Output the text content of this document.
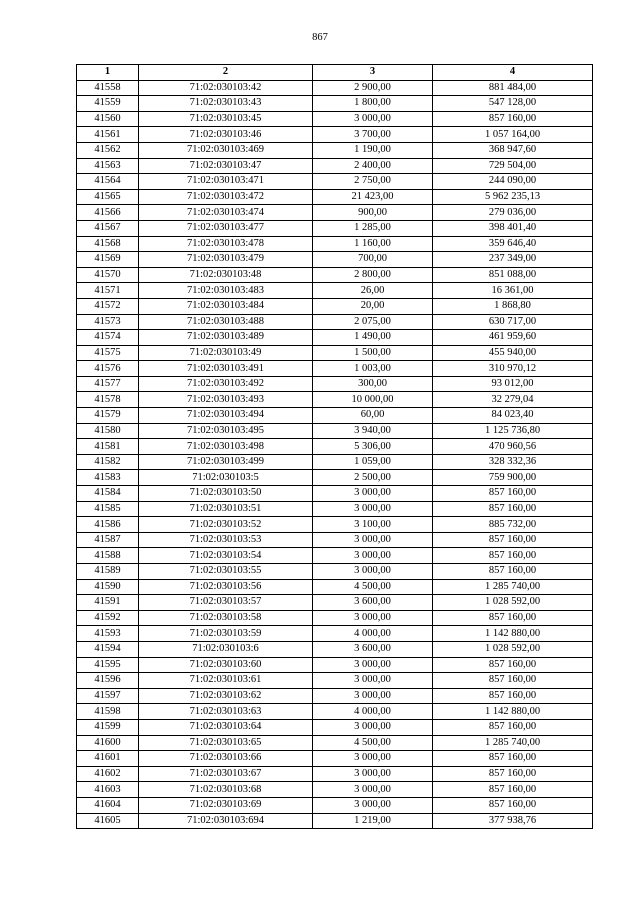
867
1	2	3	4
41558	71:02:030103:42	2 900,00	881 484,00
41559	71:02:030103:43	1 800,00	547 128,00
41560	71:02:030103:45	3 000,00	857 160,00
41561	71:02:030103:46	3 700,00	1 057 164,00
41562	71:02:030103:469	1 190,00	368 947,60
41563	71:02:030103:47	2 400,00	729 504,00
41564	71:02:030103:471	2 750,00	244 090,00
41565	71:02:030103:472	21 423,00	5 962 235,13
41566	71:02:030103:474	900,00	279 036,00
41567	71:02:030103:477	1 285,00	398 401,40
41568	71:02:030103:478	1 160,00	359 646,40
41569	71:02:030103:479	700,00	237 349,00
41570	71:02:030103:48	2 800,00	851 088,00
41571	71:02:030103:483	26,00	16 361,00
41572	71:02:030103:484	20,00	1 868,80
41573	71:02:030103:488	2 075,00	630 717,00
41574	71:02:030103:489	1 490,00	461 959,60
41575	71:02:030103:49	1 500,00	455 940,00
41576	71:02:030103:491	1 003,00	310 970,12
41577	71:02:030103:492	300,00	93 012,00
41578	71:02:030103:493	10 000,00	32 279,04
41579	71:02:030103:494	60,00	84 023,40
41580	71:02:030103:495	3 940,00	1 125 736,80
41581	71:02:030103:498	5 306,00	470 960,56
41582	71:02:030103:499	1 059,00	328 332,36
41583	71:02:030103:5	2 500,00	759 900,00
41584	71:02:030103:50	3 000,00	857 160,00
41585	71:02:030103:51	3 000,00	857 160,00
41586	71:02:030103:52	3 100,00	885 732,00
41587	71:02:030103:53	3 000,00	857 160,00
41588	71:02:030103:54	3 000,00	857 160,00
41589	71:02:030103:55	3 000,00	857 160,00
41590	71:02:030103:56	4 500,00	1 285 740,00
41591	71:02:030103:57	3 600,00	1 028 592,00
41592	71:02:030103:58	3 000,00	857 160,00
41593	71:02:030103:59	4 000,00	1 142 880,00
41594	71:02:030103:6	3 600,00	1 028 592,00
41595	71:02:030103:60	3 000,00	857 160,00
41596	71:02:030103:61	3 000,00	857 160,00
41597	71:02:030103:62	3 000,00	857 160,00
41598	71:02:030103:63	4 000,00	1 142 880,00
41599	71:02:030103:64	3 000,00	857 160,00
41600	71:02:030103:65	4 500,00	1 285 740,00
41601	71:02:030103:66	3 000,00	857 160,00
41602	71:02:030103:67	3 000,00	857 160,00
41603	71:02:030103:68	3 000,00	857 160,00
41604	71:02:030103:69	3 000,00	857 160,00
41605	71:02:030103:694	1 219,00	377 938,76
